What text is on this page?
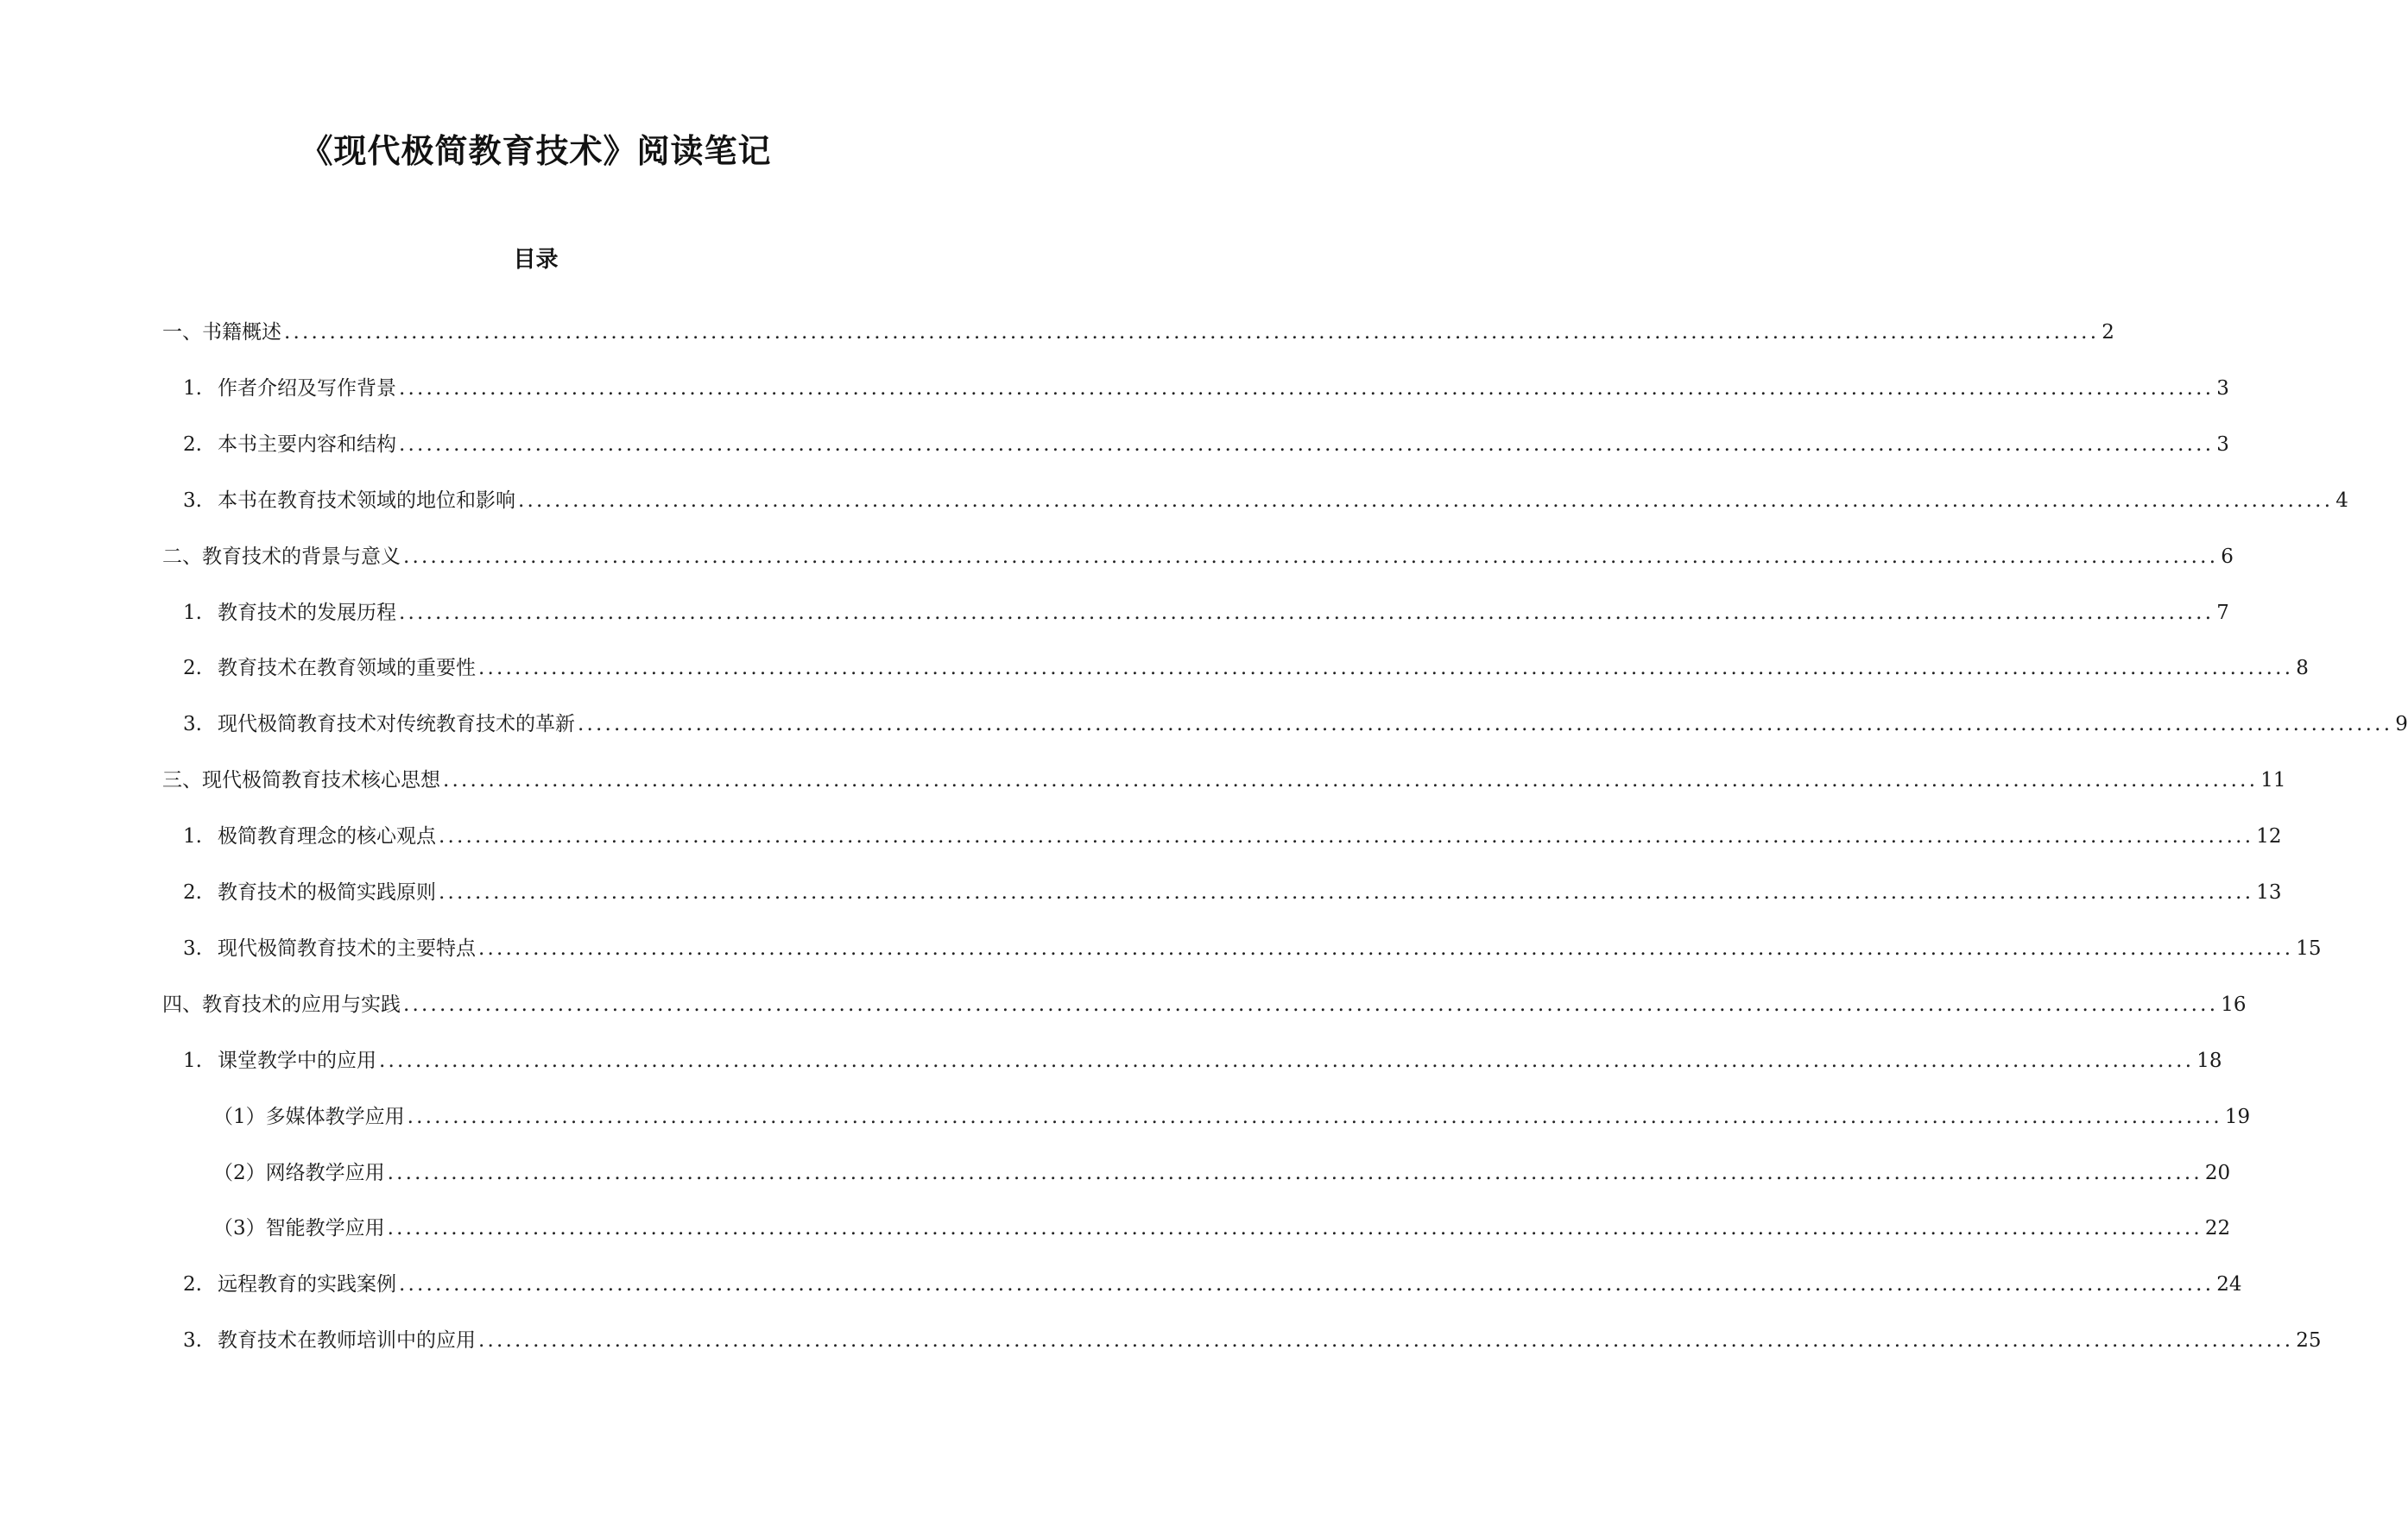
《现代极简教育技术》阅读笔记
目录
一、书籍概述 ........................................................................................................................................................................................................ 2
1. 作者介绍及写作背景 ........................................................................................................................................................................................................ 3
2. 本书主要内容和结构 ........................................................................................................................................................................................................ 3
3. 本书在教育技术领域的地位和影响 ........................................................................................................................................................................................................ 4
二、教育技术的背景与意义 ........................................................................................................................................................................................................ 6
1. 教育技术的发展历程 ........................................................................................................................................................................................................ 7
2. 教育技术在教育领域的重要性 ........................................................................................................................................................................................................ 8
3. 现代极简教育技术对传统教育技术的革新 ........................................................................................................................................................................................................ 9
三、现代极简教育技术核心思想 ........................................................................................................................................................................................................ 11
1. 极简教育理念的核心观点 ........................................................................................................................................................................................................ 12
2. 教育技术的极简实践原则 ........................................................................................................................................................................................................ 13
3. 现代极简教育技术的主要特点 ........................................................................................................................................................................................................ 15
四、教育技术的应用与实践 ........................................................................................................................................................................................................ 16
1. 课堂教学中的应用 ........................................................................................................................................................................................................ 18
（1）多媒体教学应用 ........................................................................................................................................................................................................ 19
（2）网络教学应用 ........................................................................................................................................................................................................ 20
（3）智能教学应用 ........................................................................................................................................................................................................ 22
2. 远程教育的实践案例 ........................................................................................................................................................................................................ 24
3. 教育技术在教师培训中的应用 ........................................................................................................................................................................................................ 25
